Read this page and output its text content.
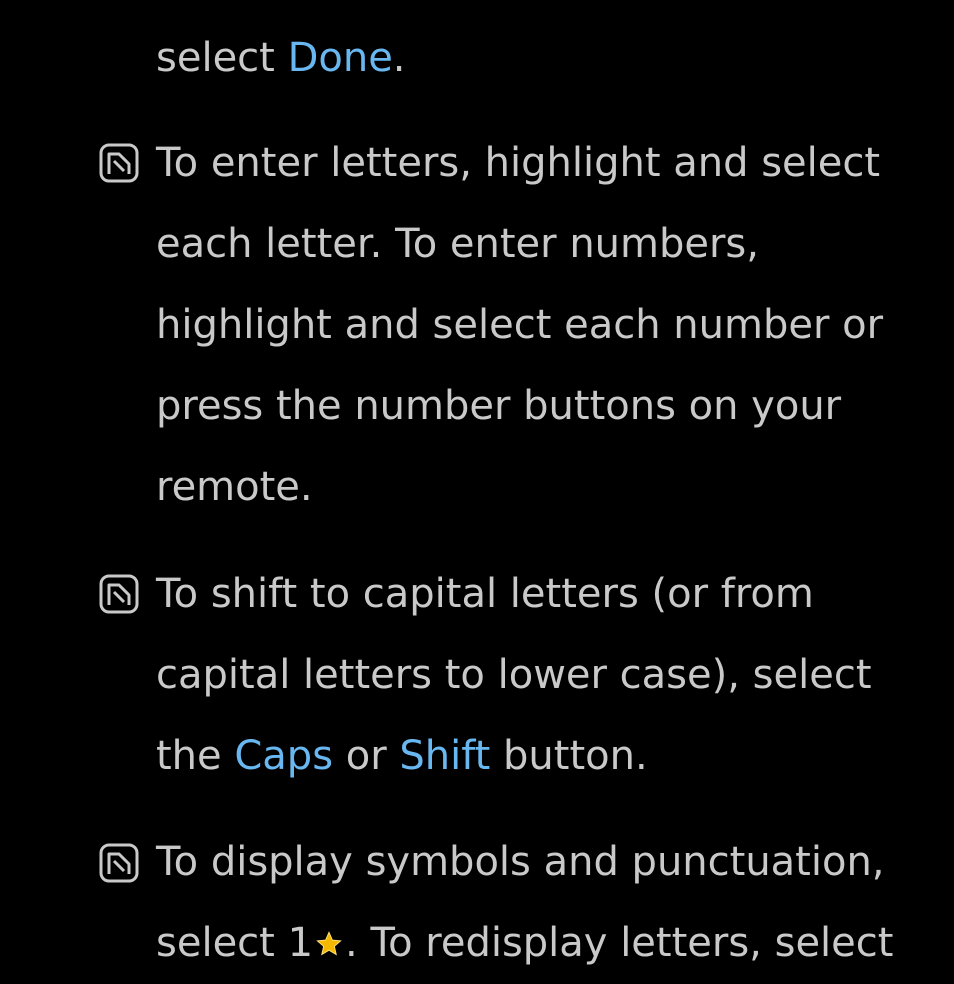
select Done.
To enter letters, highlight and select
each letter. To enter numbers,
highlight and select each number or
press the number buttons on your
remote.
To shift to capital letters (or from
capital letters to lower case), select
the Caps or Shift button.
To display symbols and punctuation,
select 1 . To redisplay letters, select
